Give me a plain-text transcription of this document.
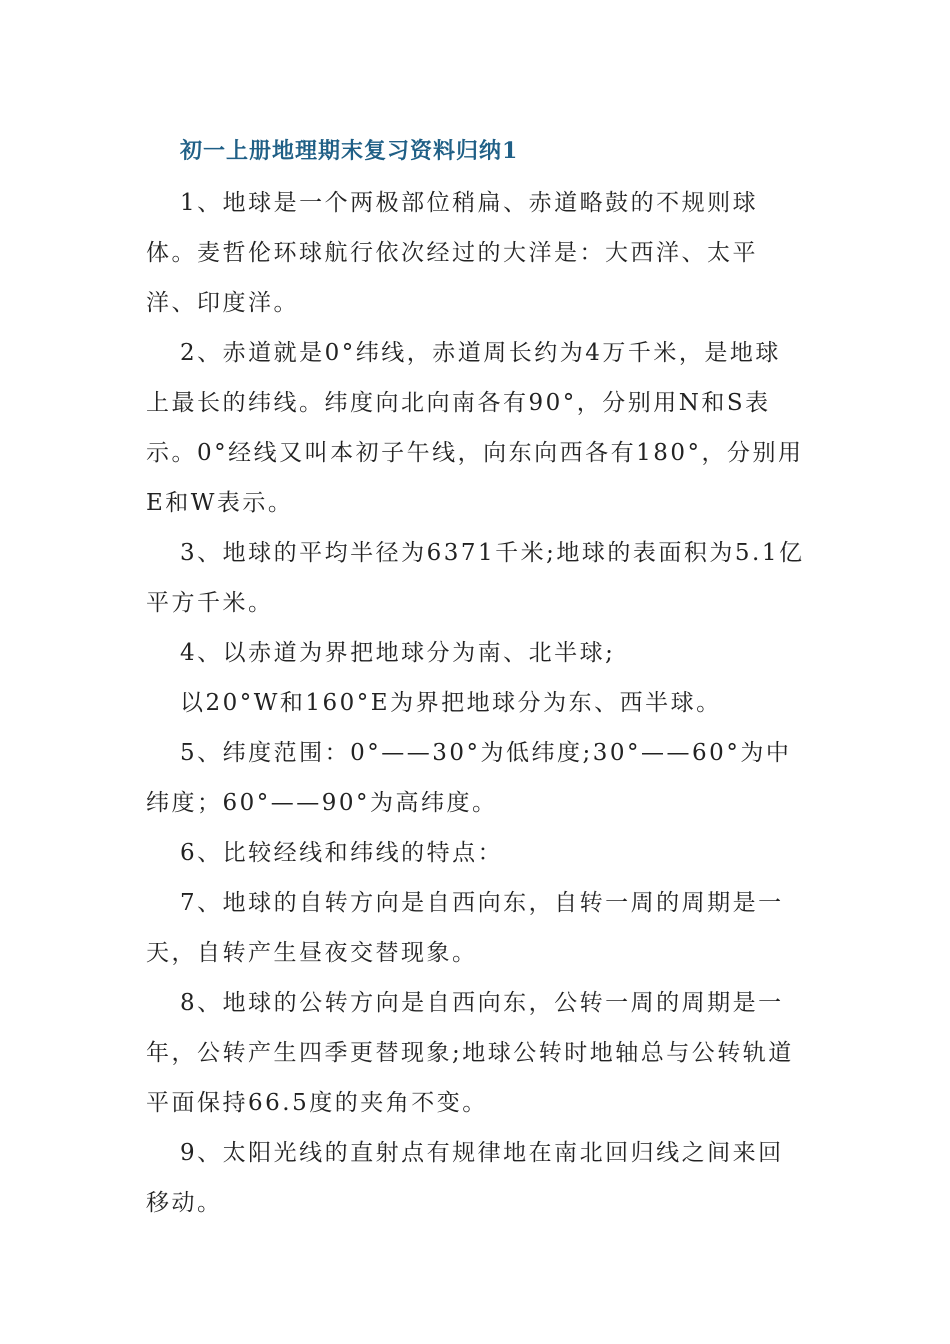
初一上册地理期末复习资料归纳1

1、地球是一个两极部位稍扁、赤道略鼓的不规则球体。麦哲伦环球航行依次经过的大洋是：大西洋、太平洋、印度洋。

2、赤道就是0°纬线，赤道周长约为4万千米，是地球上最长的纬线。纬度向北向南各有90°，分别用N和S表示。0°经线又叫本初子午线，向东向西各有180°，分别用E和W表示。

3、地球的平均半径为6371千米;地球的表面积为5.1亿平方千米。

4、以赤道为界把地球分为南、北半球;

以20°W和160°E为界把地球分为东、西半球。

5、纬度范围：0°——30°为低纬度;30°——60°为中纬度；60°——90°为高纬度。

6、比较经线和纬线的特点：

7、地球的自转方向是自西向东，自转一周的周期是一天，自转产生昼夜交替现象。

8、地球的公转方向是自西向东，公转一周的周期是一年，公转产生四季更替现象;地球公转时地轴总与公转轨道平面保持66.5度的夹角不变。

9、太阳光线的直射点有规律地在南北回归线之间来回移动。
